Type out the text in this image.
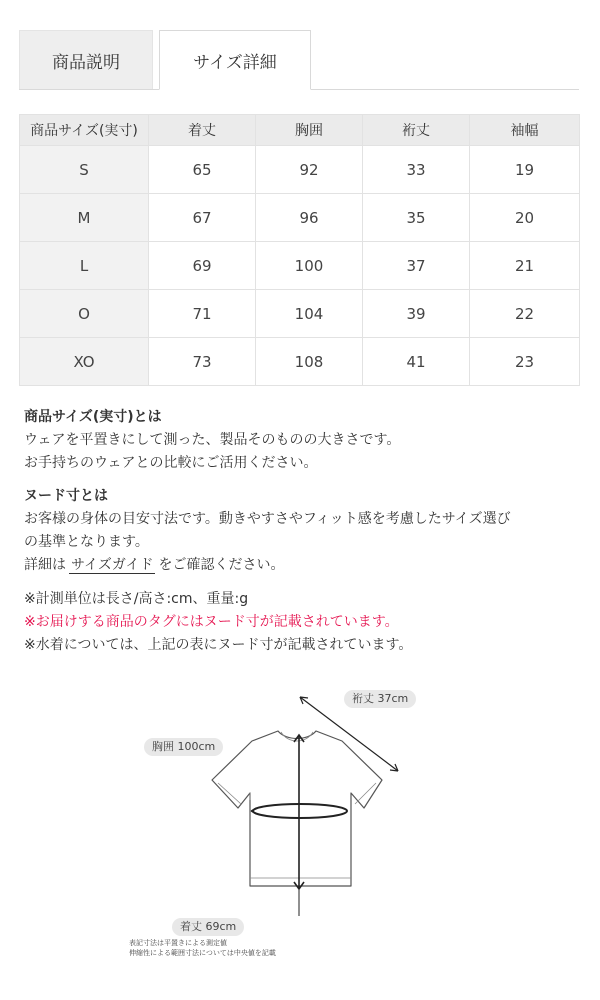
商品説明	サイズ詳細
商品サイズ(実寸)	着丈	胸囲	裄丈	袖幅
S	65	92	33	19
M	67	96	35	20
L	69	100	37	21
O	71	104	39	22
XO	73	108	41	23

商品サイズ(実寸)とは

ウェアを平置きにして測った、製品そのものの大きさです。

お手持ちのウェアとの比較にご活用ください。

ヌード寸とは

お客様の身体の目安寸法です。動きやすさやフィット感を考慮したサイズ選び

の基準となります。

詳細は サイズガイド をご確認ください。

※計測単位は長さ/高さ:cm、重量:g

※お届けする商品のタグにはヌード寸が記載されています。

※水着については、上記の表にヌード寸が記載されています。

裄丈 37cm
胸囲 100cm
着丈 69cm
表記寸法は平置きによる測定値
伸縮性による範囲寸法については中央値を記載
